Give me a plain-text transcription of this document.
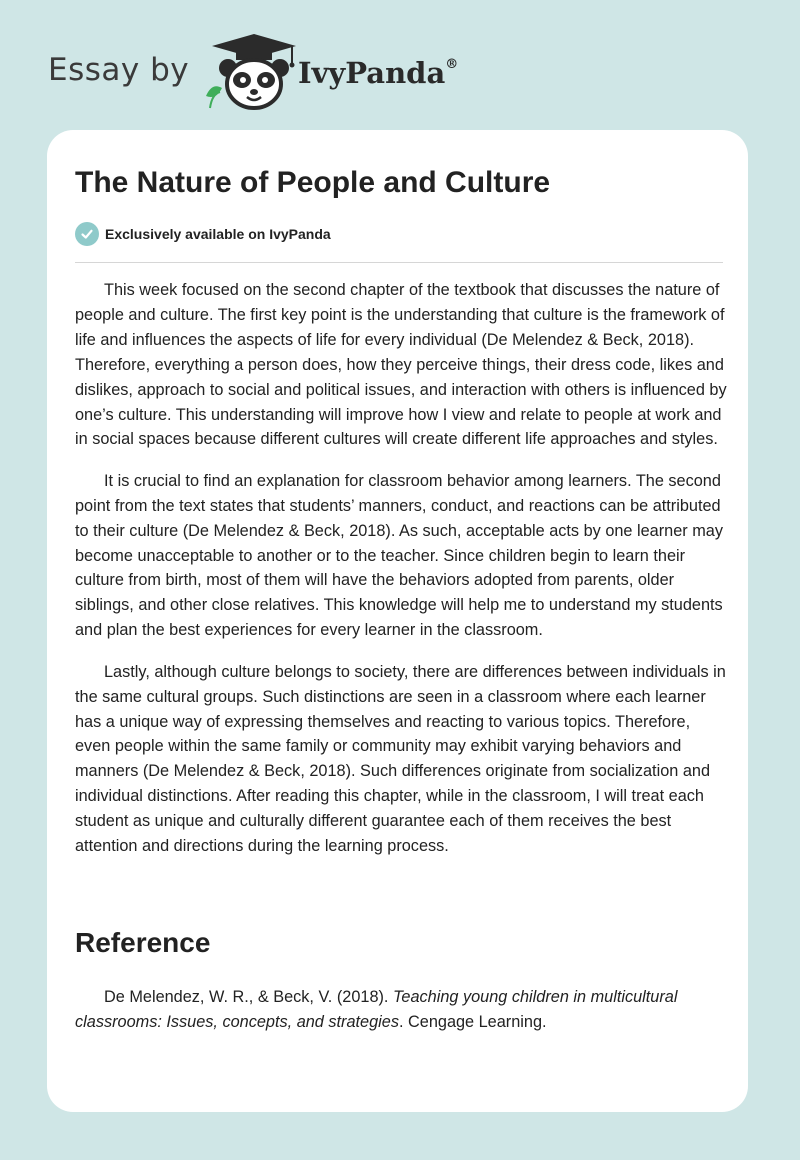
Essay by	IvyPanda®
The Nature of People and Culture
Exclusively available on IvyPanda

This week focused on the second chapter of the textbook that discusses the nature of people and culture. The first key point is the understanding that culture is the framework of life and influences the aspects of life for every individual (De Melendez & Beck, 2018). Therefore, everything a person does, how they perceive things, their dress code, likes and dislikes, approach to social and political issues, and interaction with others is influenced by one’s culture. This understanding will improve how I view and relate to people at work and in social spaces because different cultures will create different life approaches and styles.

It is crucial to find an explanation for classroom behavior among learners. The second point from the text states that students’ manners, conduct, and reactions can be attributed to their culture (De Melendez & Beck, 2018). As such, acceptable acts by one learner may become unacceptable to another or to the teacher. Since children begin to learn their culture from birth, most of them will have the behaviors adopted from parents, older siblings, and other close relatives. This knowledge will help me to understand my students and plan the best experiences for every learner in the classroom.

Lastly, although culture belongs to society, there are differences between individuals in the same cultural groups. Such distinctions are seen in a classroom where each learner has a unique way of expressing themselves and reacting to various topics. Therefore, even people within the same family or community may exhibit varying behaviors and manners (De Melendez & Beck, 2018). Such differences originate from socialization and individual distinctions. After reading this chapter, while in the classroom, I will treat each student as unique and culturally different guarantee each of them receives the best attention and directions during the learning process.

Reference

De Melendez, W. R., & Beck, V. (2018). Teaching young children in multicultural classrooms: Issues, concepts, and strategies. Cengage Learning.
